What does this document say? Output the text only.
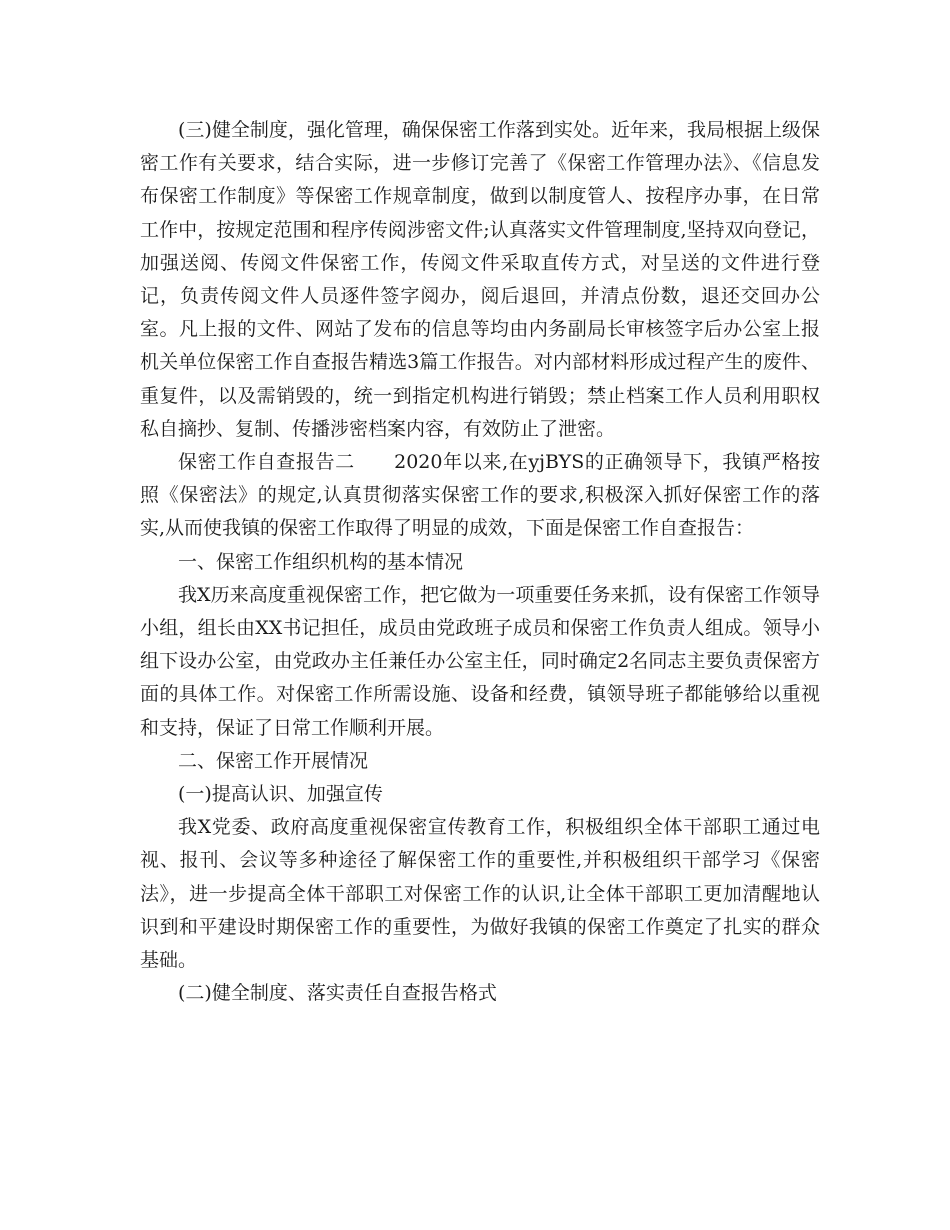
(三)健全制度，强化管理，确保保密工作落到实处。近年来，我局根据上级保密工作有关要求，结合实际，进一步修订完善了《保密工作管理办法》、《信息发布保密工作制度》等保密工作规章制度，做到以制度管人、按程序办事，在日常工作中，按规定范围和程序传阅涉密文件;认真落实文件管理制度,坚持双向登记，加强送阅、传阅文件保密工作，传阅文件采取直传方式，对呈送的文件进行登记，负责传阅文件人员逐件签字阅办，阅后退回，并清点份数，退还交回办公室。凡上报的文件、网站了发布的信息等均由内务副局长审核签字后办公室上报机关单位保密工作自查报告精选3篇工作报告。对内部材料形成过程产生的废件、重复件，以及需销毁的，统一到指定机构进行销毁；禁止档案工作人员利用职权私自摘抄、复制、传播涉密档案内容，有效防止了泄密。

保密工作自查报告二　　2020年以来,在yjBYS的正确领导下，我镇严格按照《保密法》的规定,认真贯彻落实保密工作的要求,积极深入抓好保密工作的落实,从而使我镇的保密工作取得了明显的成效，下面是保密工作自查报告：

一、保密工作组织机构的基本情况

我X历来高度重视保密工作，把它做为一项重要任务来抓，设有保密工作领导小组，组长由XX书记担任，成员由党政班子成员和保密工作负责人组成。领导小组下设办公室，由党政办主任兼任办公室主任，同时确定2名同志主要负责保密方面的具体工作。对保密工作所需设施、设备和经费，镇领导班子都能够给以重视和支持，保证了日常工作顺利开展。

二、保密工作开展情况

(一)提高认识、加强宣传

我X党委、政府高度重视保密宣传教育工作，积极组织全体干部职工通过电视、报刊、会议等多种途径了解保密工作的重要性,并积极组织干部学习《保密法》，进一步提高全体干部职工对保密工作的认识,让全体干部职工更加清醒地认识到和平建设时期保密工作的重要性，为做好我镇的保密工作奠定了扎实的群众基础。

(二)健全制度、落实责任自查报告格式
